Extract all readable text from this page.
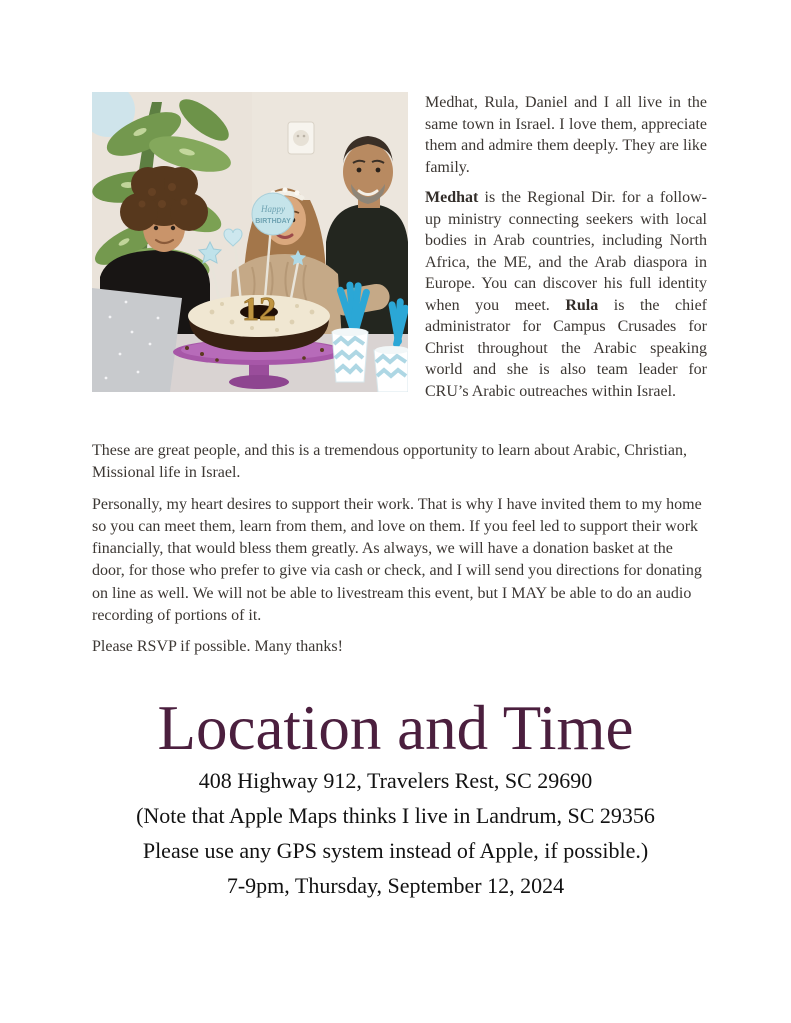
Happy
BIRTHDAY
12

Medhat, Rula, Daniel and I all live in the same town in Israel. I love them, appreciate them and admire them deeply. They are like family.

Medhat is the Regional Dir. for a follow-up ministry connecting seekers with local bodies in Arab countries, including North Africa, the ME, and the Arab diaspora in Europe. You can discover his full identity when you meet. Rula is the chief administrator for Campus Crusades for Christ throughout the Arabic speaking world and she is also team leader for CRU’s Arabic outreaches within Israel.

These are great people, and this is a tremendous opportunity to learn about Arabic, Christian, Missional life in Israel.

Personally, my heart desires to support their work. That is why I have invited them to my home so you can meet them, learn from them, and love on them. If you feel led to support their work financially, that would bless them greatly. As always, we will have a donation basket at the door, for those who prefer to give via cash or check, and I will send you directions for donating on line as well. We will not be able to livestream this event, but I MAY be able to do an audio recording of portions of it.

Please RSVP if possible. Many thanks!

Location and Time
408 Highway 912, Travelers Rest, SC 29690
(Note that Apple Maps thinks I live in Landrum, SC 29356
Please use any GPS system instead of Apple, if possible.)
7-9pm, Thursday, September 12, 2024
